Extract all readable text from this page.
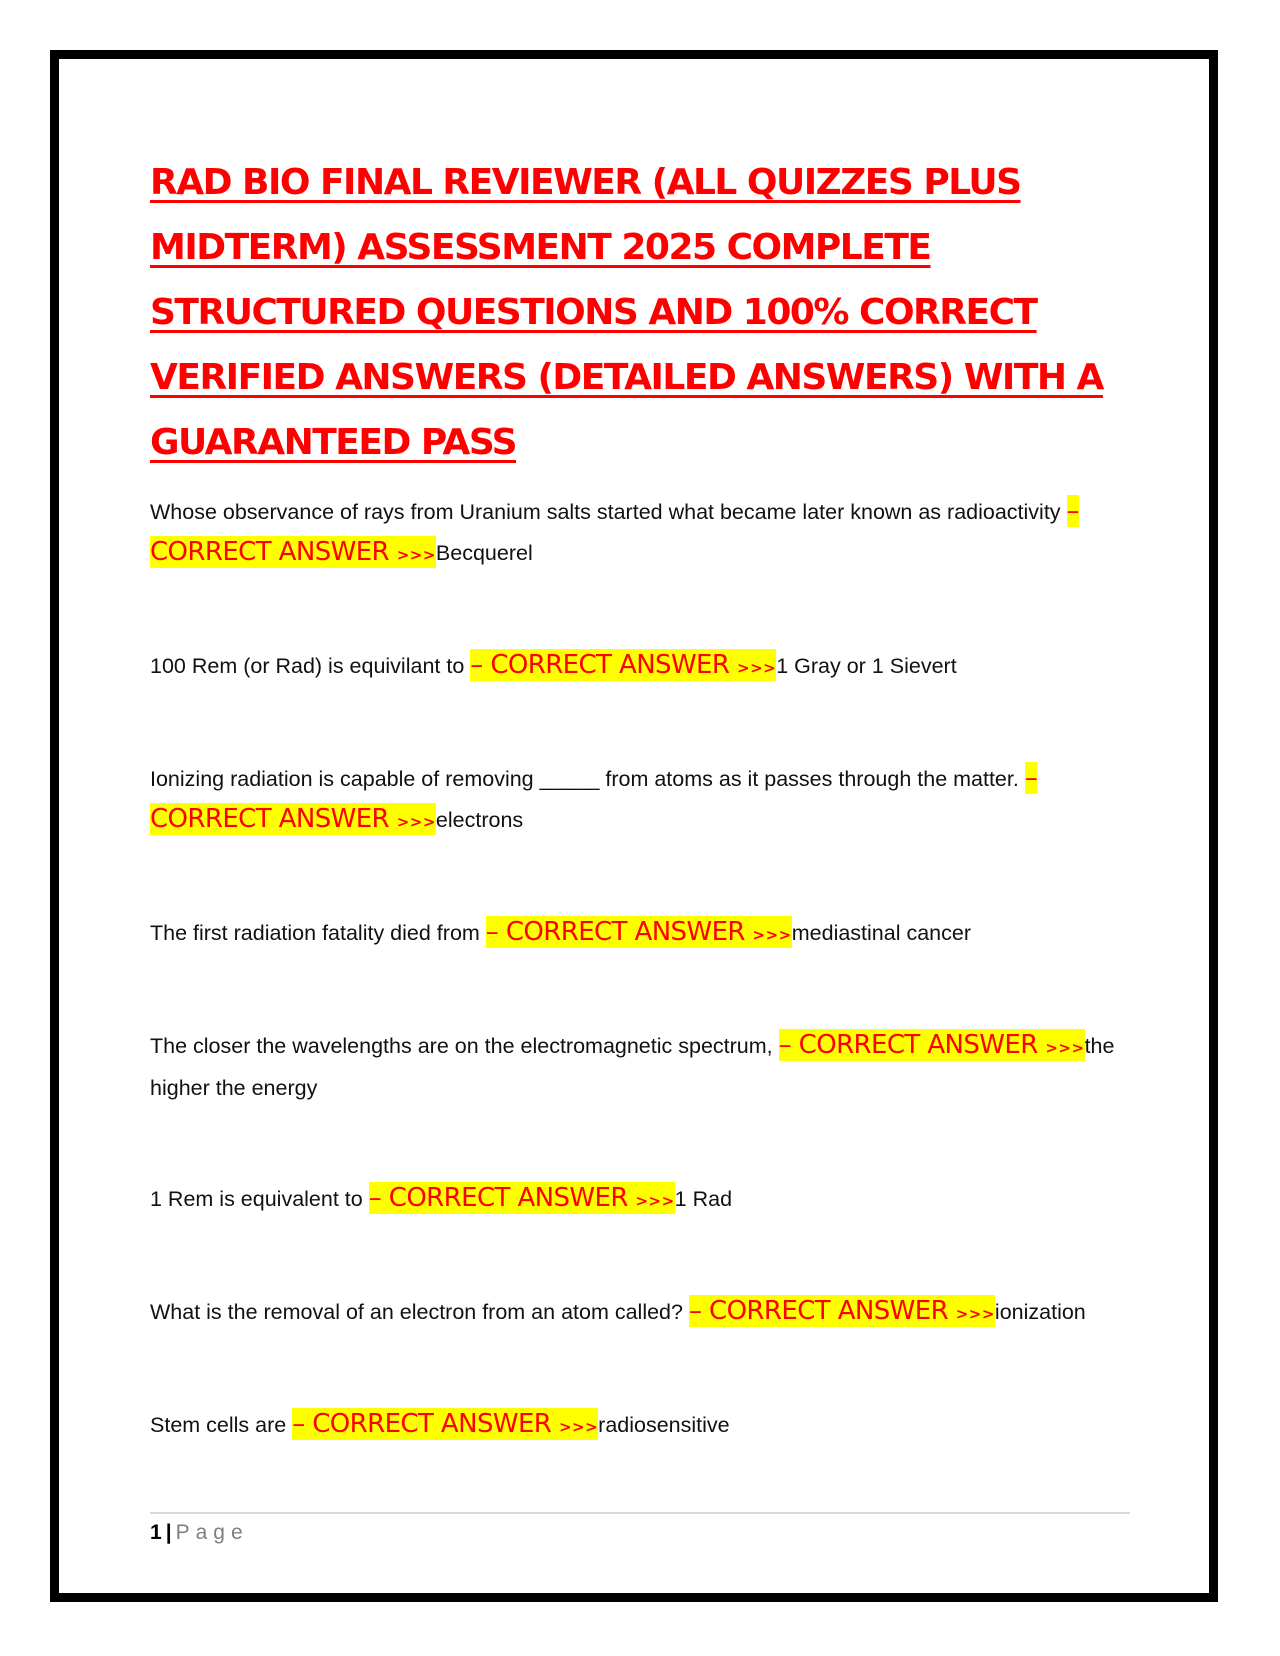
RAD BIO FINAL REVIEWER (ALL QUIZZES PLUS MIDTERM) ASSESSMENT 2025 COMPLETE STRUCTURED QUESTIONS AND 100% CORRECT VERIFIED ANSWERS (DETAILED ANSWERS) WITH A GUARANTEED PASS

Whose observance of rays from Uranium salts started what became later known as radioactivity – CORRECT ANSWER >>>Becquerel

100 Rem (or Rad) is equivilant to – CORRECT ANSWER >>>1 Gray or 1 Sievert

Ionizing radiation is capable of removing _____ from atoms as it passes through the matter. – CORRECT ANSWER >>>electrons

The first radiation fatality died from – CORRECT ANSWER >>>mediastinal cancer

The closer the wavelengths are on the electromagnetic spectrum, – CORRECT ANSWER >>>the higher the energy

1 Rem is equivalent to – CORRECT ANSWER >>>1 Rad

What is the removal of an electron from an atom called? – CORRECT ANSWER >>>ionization

Stem cells are – CORRECT ANSWER >>>radiosensitive

1 | Page
